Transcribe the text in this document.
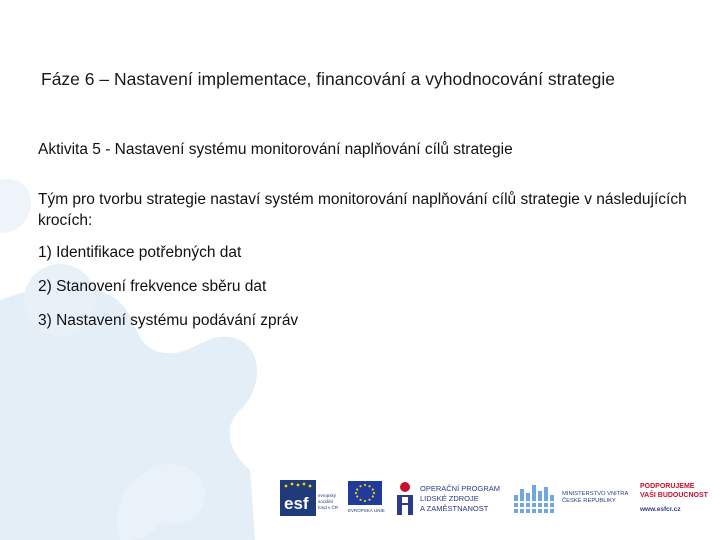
Fáze 6 – Nastavení implementace, financování a vyhodnocování strategie
Aktivita 5 - Nastavení systému monitorování naplňování cílů strategie
Tým pro tvorbu strategie nastaví systém monitorování naplňování cílů strategie v následujících krocích:
1) Identifikace potřebných dat
2) Stanovení frekvence sběru dat
3) Nastavení systému podávání zpráv
esf evropský
sociální
fond v ČR
EVROPSKÁ UNIE
OPERAČNÍ PROGRAM
LIDSKÉ ZDROJE
A ZAMĚSTNANOST
MINISTERSTVO VNITRA
ČESKÉ REPUBLIKY
PODPORUJEME
VAŠI BUDOUCNOST
www.esfcr.cz
